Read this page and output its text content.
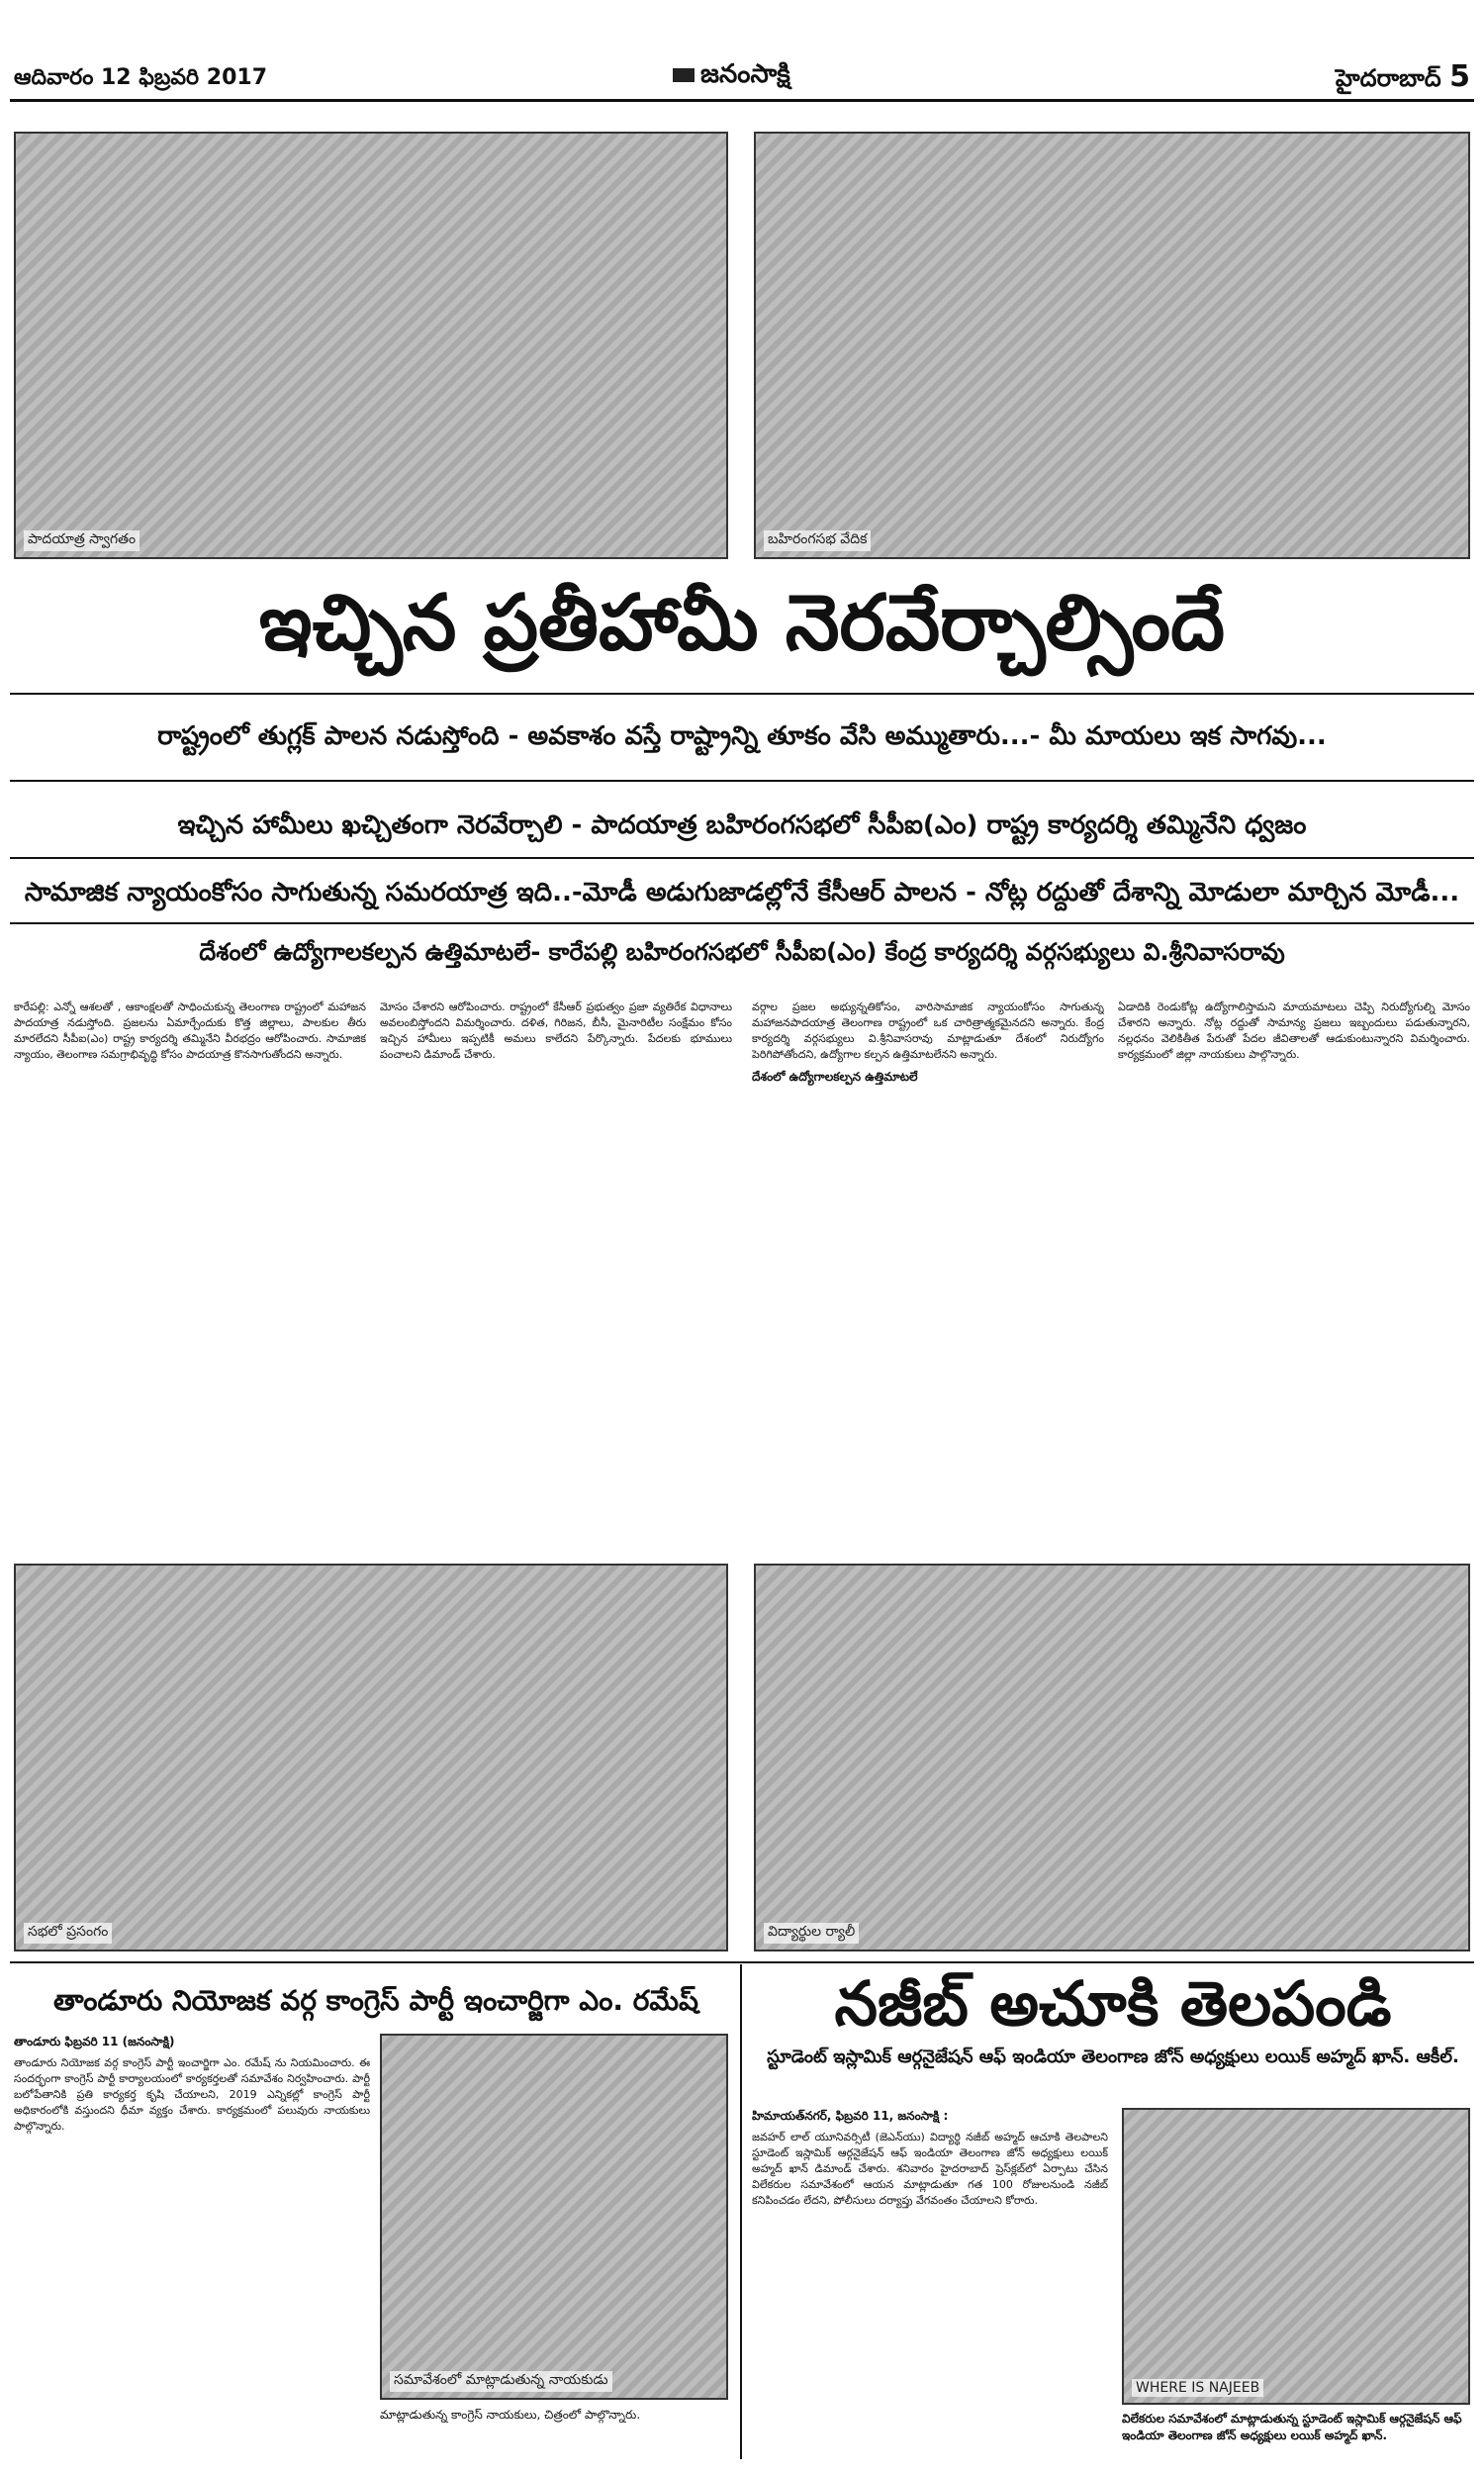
ఆదివారం 12 ఫిబ్రవరి 2017	జనంసాక్షి	హైదరాబాద్ 5
పాదయాత్ర స్వాగతం	బహిరంగసభ వేదిక
ఇచ్చిన ప్రతీహామీ నెరవేర్చాల్సిందే
రాష్ట్రంలో తుగ్లక్ పాలన నడుస్తోంది - అవకాశం వస్తే రాష్ట్రాన్ని తూకం వేసి అమ్ముతారు...- మీ మాయలు ఇక సాగవు...
ఇచ్చిన హామీలు ఖచ్చితంగా నెరవేర్చాలి - పాదయాత్ర బహిరంగసభలో సీపీఐ(ఎం) రాష్ట్ర కార్యదర్శి తమ్మినేని ధ్వజం
సామాజిక న్యాయంకోసం సాగుతున్న సమరయాత్ర ఇది..-మోడీ అడుగుజాడల్లోనే కేసీఆర్ పాలన - నోట్ల రద్దుతో దేశాన్ని మోడులా మార్చిన మోడీ...
దేశంలో ఉద్యోగాలకల్పన ఉత్తిమాటలే- కారేపల్లి బహిరంగసభలో సీపీఐ(ఎం) కేంద్ర కార్యదర్శి వర్గసభ్యులు వి.శ్రీనివాసరావు

కారేపల్లి: ఎన్నో ఆశలతో , ఆకాంక్షలతో సాధించుకున్న తెలంగాణ రాష్ట్రంలో మహాజన పాదయాత్ర నడుస్తోంది. ప్రజలను ఏమార్చేందుకు కొత్త జిల్లాలు, పాలకుల తీరు మారలేదని సీపీఐ(ఎం) రాష్ట్ర కార్యదర్శి తమ్మినేని వీరభద్రం ఆరోపించారు. సామాజిక న్యాయం, తెలంగాణ సమగ్రాభివృద్ధి కోసం పాదయాత్ర కొనసాగుతోందని అన్నారు.

మోసం చేశారని ఆరోపించారు. రాష్ట్రంలో కేసీఆర్ ప్రభుత్వం ప్రజా వ్యతిరేక విధానాలు అవలంబిస్తోందని విమర్శించారు. దళిత, గిరిజన, బీసీ, మైనారిటీల సంక్షేమం కోసం ఇచ్చిన హామీలు ఇప్పటికీ అమలు కాలేదని పేర్కొన్నారు. పేదలకు భూములు పంచాలని డిమాండ్ చేశారు.

వర్గాల ప్రజల అభ్యున్నతికోసం, వారిసామాజిక న్యాయంకోసం సాగుతున్న మహాజనపాదయాత్ర తెలంగాణ రాష్ట్రంలో ఒక చారిత్రాత్మకమైనదని అన్నారు. కేంద్ర కార్యదర్శి వర్గసభ్యులు వి.శ్రీనివాసరావు మాట్లాడుతూ దేశంలో నిరుద్యోగం పెరిగిపోతోందని, ఉద్యోగాల కల్పన ఉత్తిమాటలేనని అన్నారు.

దేశంలో ఉద్యోగాలకల్పన ఉత్తిమాటలే

ఏడాదికి రెండుకోట్ల ఉద్యోగాలిస్తామని మాయమాటలు చెప్పి నిరుద్యోగుల్ని మోసం చేశారని అన్నారు. నోట్ల రద్దుతో సామాన్య ప్రజలు ఇబ్బందులు పడుతున్నారని, నల్లధనం వెలికితీత పేరుతో పేదల జీవితాలతో ఆడుకుంటున్నారని విమర్శించారు. కార్యక్రమంలో జిల్లా నాయకులు పాల్గొన్నారు.

సభలో ప్రసంగం	విద్యార్థుల ర్యాలీ
తాండూరు నియోజక వర్గ కాంగ్రెస్ పార్టీ ఇంచార్జిగా ఎం. రమేష్

తాండూరు ఫిబ్రవరి 11 (జనంసాక్షి)

తాండూరు నియోజక వర్గ కాంగ్రెస్ పార్టీ ఇంచార్జిగా ఎం. రమేష్ ను నియమించారు. ఈ సందర్భంగా కాంగ్రెస్ పార్టీ కార్యాలయంలో కార్యకర్తలతో సమావేశం నిర్వహించారు. పార్టీ బలోపేతానికి ప్రతి కార్యకర్త కృషి చేయాలని, 2019 ఎన్నికల్లో కాంగ్రెస్ పార్టీ అధికారంలోకి వస్తుందని ధీమా వ్యక్తం చేశారు. కార్యక్రమంలో పలువురు నాయకులు పాల్గొన్నారు.

సమావేశంలో మాట్లాడుతున్న నాయకుడు
మాట్లాడుతున్న కాంగ్రెస్ నాయకులు, చిత్రంలో పాల్గొన్నారు.
నజీబ్ అచూకి తెలపండి
స్టూడెంట్ ఇస్లామిక్ ఆర్గనైజేషన్ ఆఫ్ ఇండియా తెలంగాణ జోన్ అధ్యక్షులు లయిక్ అహ్మద్ ఖాన్. ఆకీల్.

హిమాయత్‌నగర్, ఫిబ్రవరి 11, జనంసాక్షి :

జవహర్ లాల్ యూనివర్సిటీ (జెఎన్‌యు) విద్యార్థి నజీబ్ అహ్మద్ ఆచూకి తెలపాలని స్టూడెంట్ ఇస్లామిక్ ఆర్గనైజేషన్ ఆఫ్ ఇండియా తెలంగాణ జోన్ అధ్యక్షులు లయిక్ అహ్మద్ ఖాన్ డిమాండ్ చేశారు. శనివారం హైదరాబాద్ ప్రెస్‌క్లబ్‌లో ఏర్పాటు చేసిన విలేకరుల సమావేశంలో ఆయన మాట్లాడుతూ గత 100 రోజులనుండి నజీబ్ కనిపించడం లేదని, పోలీసులు దర్యాప్తు వేగవంతం చేయాలని కోరారు.

WHERE IS NAJEEB
విలేకరుల సమావేశంలో మాట్లాడుతున్న స్టూడెంట్ ఇస్లామిక్ ఆర్గనైజేషన్ ఆఫ్ ఇండియా తెలంగాణ జోన్ అధ్యక్షులు లయిక్ అహ్మద్ ఖాన్.
